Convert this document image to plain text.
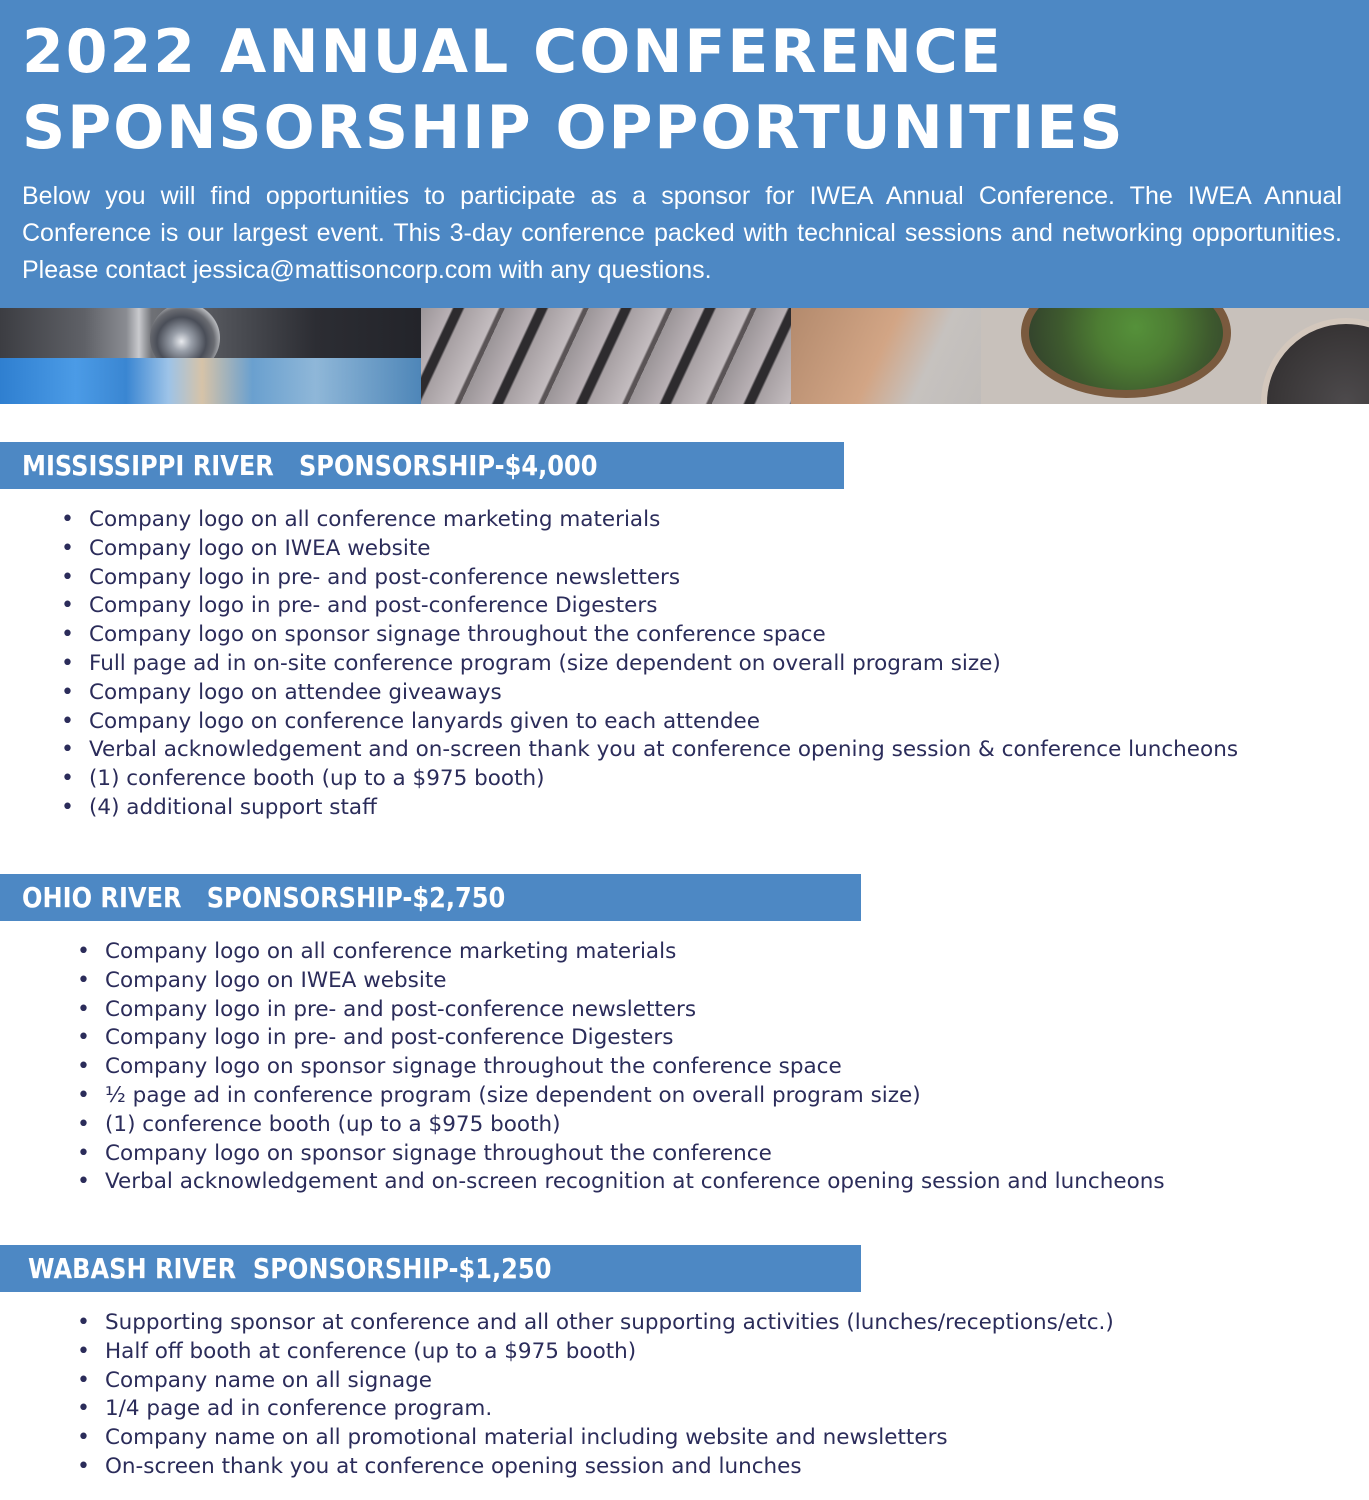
2022 ANNUAL CONFERENCE
SPONSORSHIP OPPORTUNITIES

Below you will find opportunities to participate as a sponsor for IWEA Annual Conference. The IWEA Annual Conference is our largest event. This 3-day conference packed with technical sessions and networking opportunities. Please contact jessica@mattisoncorp.com with any questions.

MISSISSIPPI RIVER   SPONSORSHIP-$4,000
• Company logo on all conference marketing materials
• Company logo on IWEA website
• Company logo in pre- and post-conference newsletters
• Company logo in pre- and post-conference Digesters
• Company logo on sponsor signage throughout the conference space
• Full page ad in on-site conference program (size dependent on overall program size)
• Company logo on attendee giveaways
• Company logo on conference lanyards given to each attendee
• Verbal acknowledgement and on-screen thank you at conference opening session & conference luncheons
• (1) conference booth (up to a $975 booth)
• (4) additional support staff
OHIO RIVER   SPONSORSHIP-$2,750
• Company logo on all conference marketing materials
• Company logo on IWEA website
• Company logo in pre- and post-conference newsletters
• Company logo in pre- and post-conference Digesters
• Company logo on sponsor signage throughout the conference space
• ½ page ad in conference program (size dependent on overall program size)
• (1) conference booth (up to a $975 booth)
• Company logo on sponsor signage throughout the conference
• Verbal acknowledgement and on-screen recognition at conference opening session and luncheons
WABASH RIVER  SPONSORSHIP-$1,250
• Supporting sponsor at conference and all other supporting activities (lunches/receptions/etc.)
• Half off booth at conference (up to a $975 booth)
• Company name on all signage
• 1/4 page ad in conference program.
• Company name on all promotional material including website and newsletters
• On-screen thank you at conference opening session and lunches
